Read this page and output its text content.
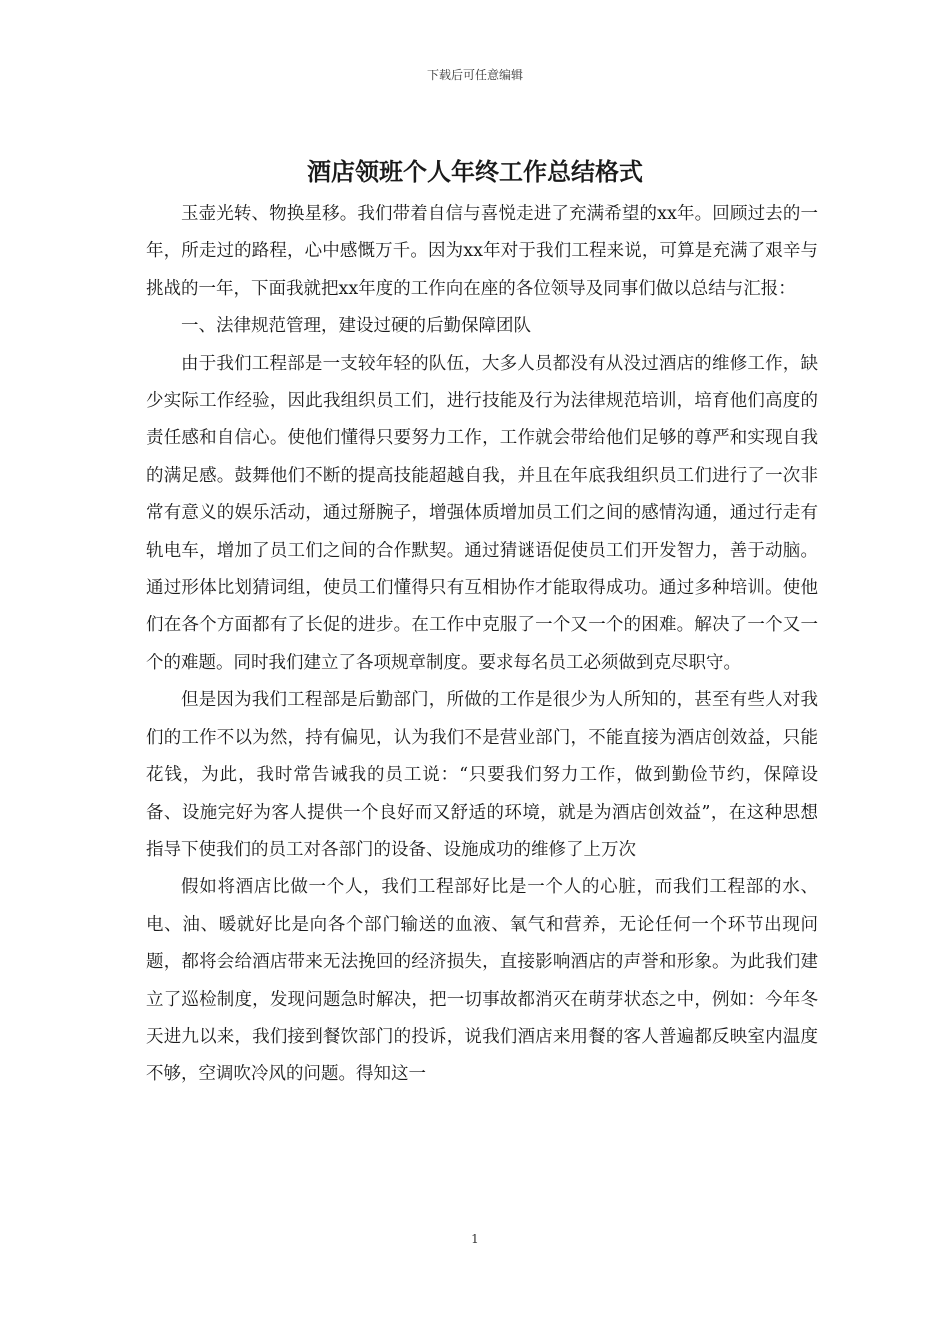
下载后可任意编辑
酒店领班个人年终工作总结格式

玉壶光转、物换星移。我们带着自信与喜悦走进了充满希望的xx年。回顾过去的一年，所走过的路程，心中感慨万千。因为xx年对于我们工程来说，可算是充满了艰辛与挑战的一年，下面我就把xx年度的工作向在座的各位领导及同事们做以总结与汇报：

一、法律规范管理，建设过硬的后勤保障团队

由于我们工程部是一支较年轻的队伍，大多人员都没有从没过酒店的维修工作，缺少实际工作经验，因此我组织员工们，进行技能及行为法律规范培训，培育他们高度的责任感和自信心。使他们懂得只要努力工作，工作就会带给他们足够的尊严和实现自我的满足感。鼓舞他们不断的提高技能超越自我，并且在年底我组织员工们进行了一次非常有意义的娱乐活动，通过掰腕子，增强体质增加员工们之间的感情沟通，通过行走有轨电车，增加了员工们之间的合作默契。通过猜谜语促使员工们开发智力，善于动脑。通过形体比划猜词组，使员工们懂得只有互相协作才能取得成功。通过多种培训。使他们在各个方面都有了长促的进步。在工作中克服了一个又一个的困难。解决了一个又一个的难题。同时我们建立了各项规章制度。要求每名员工必须做到克尽职守。

但是因为我们工程部是后勤部门，所做的工作是很少为人所知的，甚至有些人对我们的工作不以为然，持有偏见，认为我们不是营业部门，不能直接为酒店创效益，只能花钱，为此，我时常告诫我的员工说：“只要我们努力工作，做到勤俭节约，保障设备、设施完好为客人提供一个良好而又舒适的环境，就是为酒店创效益”，在这种思想指导下使我们的员工对各部门的设备、设施成功的维修了上万次

假如将酒店比做一个人，我们工程部好比是一个人的心脏，而我们工程部的水、电、油、暖就好比是向各个部门输送的血液、氧气和营养，无论任何一个环节出现问题，都将会给酒店带来无法挽回的经济损失，直接影响酒店的声誉和形象。为此我们建立了巡检制度，发现问题急时解决，把一切事故都消灭在萌芽状态之中，例如：今年冬天进九以来，我们接到餐饮部门的投诉，说我们酒店来用餐的客人普遍都反映室内温度不够，空调吹冷风的问题。得知这一

1
